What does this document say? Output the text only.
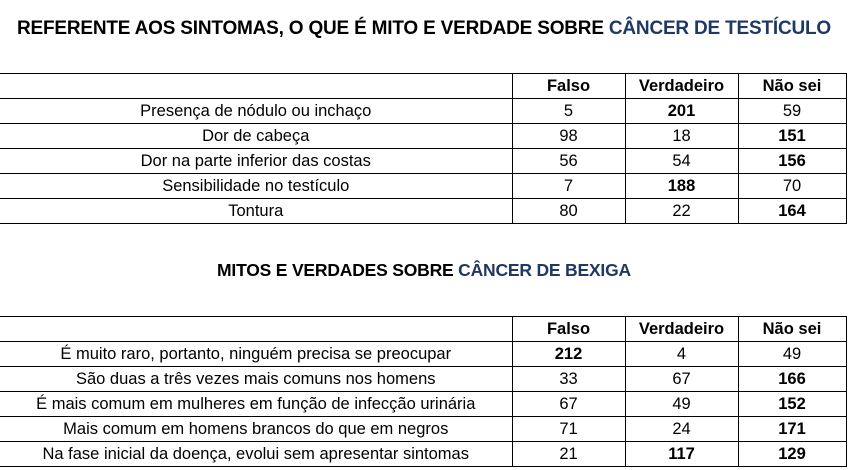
REFERENTE AOS SINTOMAS, O QUE É MITO E VERDADE SOBRE CÂNCER DE TESTÍCULO
	Falso	Verdadeiro	Não sei
Presença de nódulo ou inchaço	5	201	59
Dor de cabeça	98	18	151
Dor na parte inferior das costas	56	54	156
Sensibilidade no testículo	7	188	70
Tontura	80	22	164
MITOS E VERDADES SOBRE CÂNCER DE BEXIGA
	Falso	Verdadeiro	Não sei
É muito raro, portanto, ninguém precisa se preocupar	212	4	49
São duas a três vezes mais comuns nos homens	33	67	166
É mais comum em mulheres em função de infecção urinária	67	49	152
Mais comum em homens brancos do que em negros	71	24	171
Na fase inicial da doença, evolui sem apresentar sintomas	21	117	129
